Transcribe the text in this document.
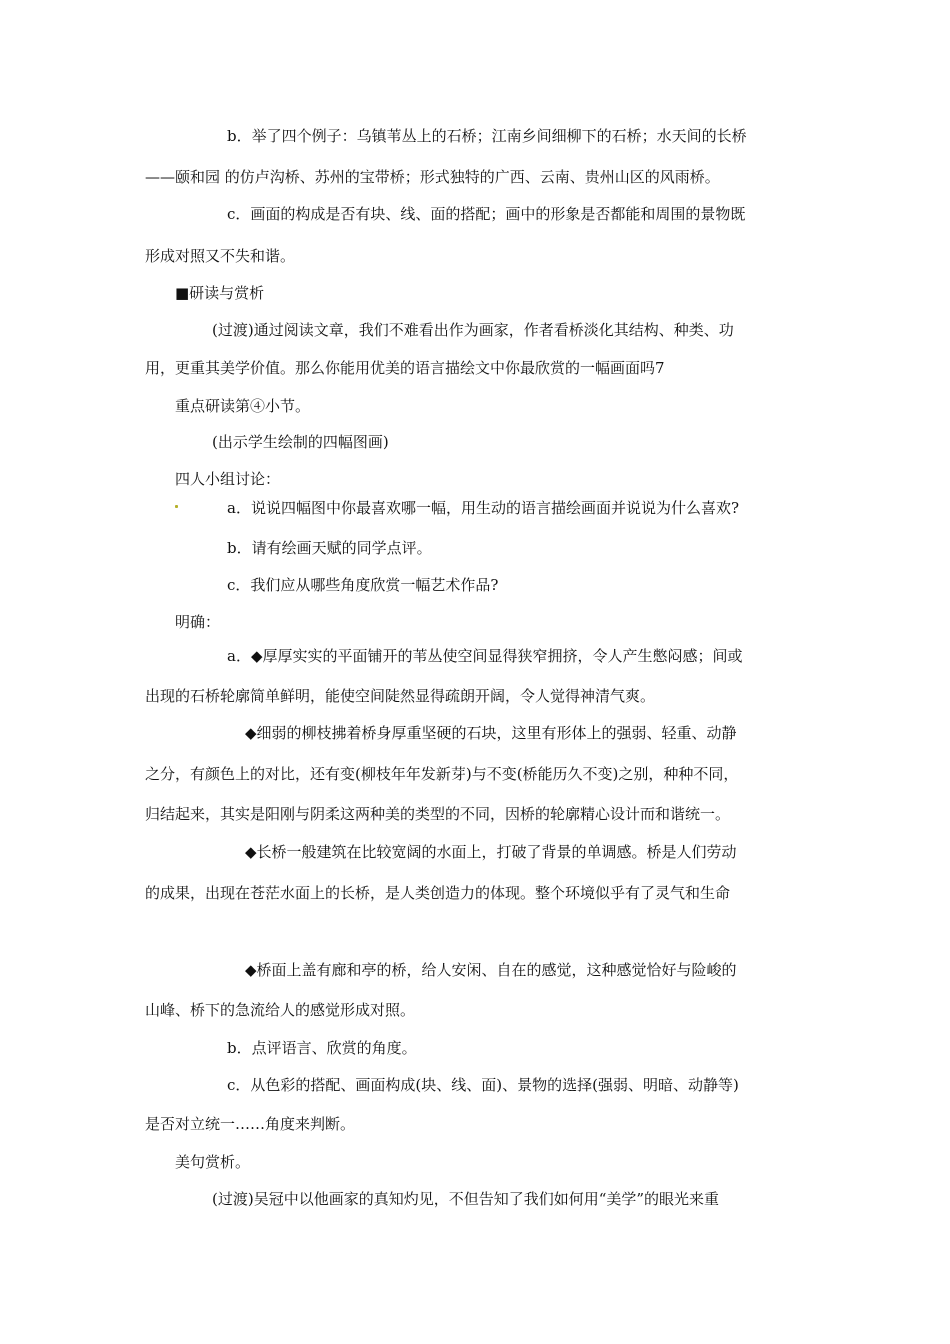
b．举了四个例子：乌镇苇丛上的石桥；江南乡间细柳下的石桥；水天间的长桥
——颐和园 的仿卢沟桥、苏州的宝带桥；形式独特的广西、云南、贵州山区的风雨桥。
c．画面的构成是否有块、线、面的搭配；画中的形象是否都能和周围的景物既
形成对照又不失和谐。
■研读与赏析
(过渡)通过阅读文章，我们不难看出作为画家，作者看桥淡化其结构、种类、功
用，更重其美学价值。那么你能用优美的语言描绘文中你最欣赏的一幅画面吗7
重点研读第④小节。
(出示学生绘制的四幅图画)
四人小组讨论：
a．说说四幅图中你最喜欢哪一幅，用生动的语言描绘画面并说说为什么喜欢?
b．请有绘画天赋的同学点评。
c．我们应从哪些角度欣赏一幅艺术作品?
明确：
a．◆厚厚实实的平面铺开的苇丛使空间显得狭窄拥挤，令人产生憋闷感；间或
出现的石桥轮廓简单鲜明，能使空间陡然显得疏朗开阔，令人觉得神清气爽。
◆细弱的柳枝拂着桥身厚重坚硬的石块，这里有形体上的强弱、轻重、动静
之分，有颜色上的对比，还有变(柳枝年年发新芽)与不变(桥能历久不变)之别，种种不同，
归结起来，其实是阳刚与阴柔这两种美的类型的不同，因桥的轮廓精心设计而和谐统一。
◆长桥一般建筑在比较宽阔的水面上，打破了背景的单调感。桥是人们劳动
的成果，出现在苍茫水面上的长桥，是人类创造力的体现。整个环境似乎有了灵气和生命
◆桥面上盖有廊和亭的桥，给人安闲、自在的感觉，这种感觉恰好与险峻的
山峰、桥下的急流给人的感觉形成对照。
b．点评语言、欣赏的角度。
c．从色彩的搭配、画面构成(块、线、面)、景物的选择(强弱、明暗、动静等)
是否对立统一……角度来判断。
美句赏析。
(过渡)吴冠中以他画家的真知灼见，不但告知了我们如何用“美学”的眼光来重
